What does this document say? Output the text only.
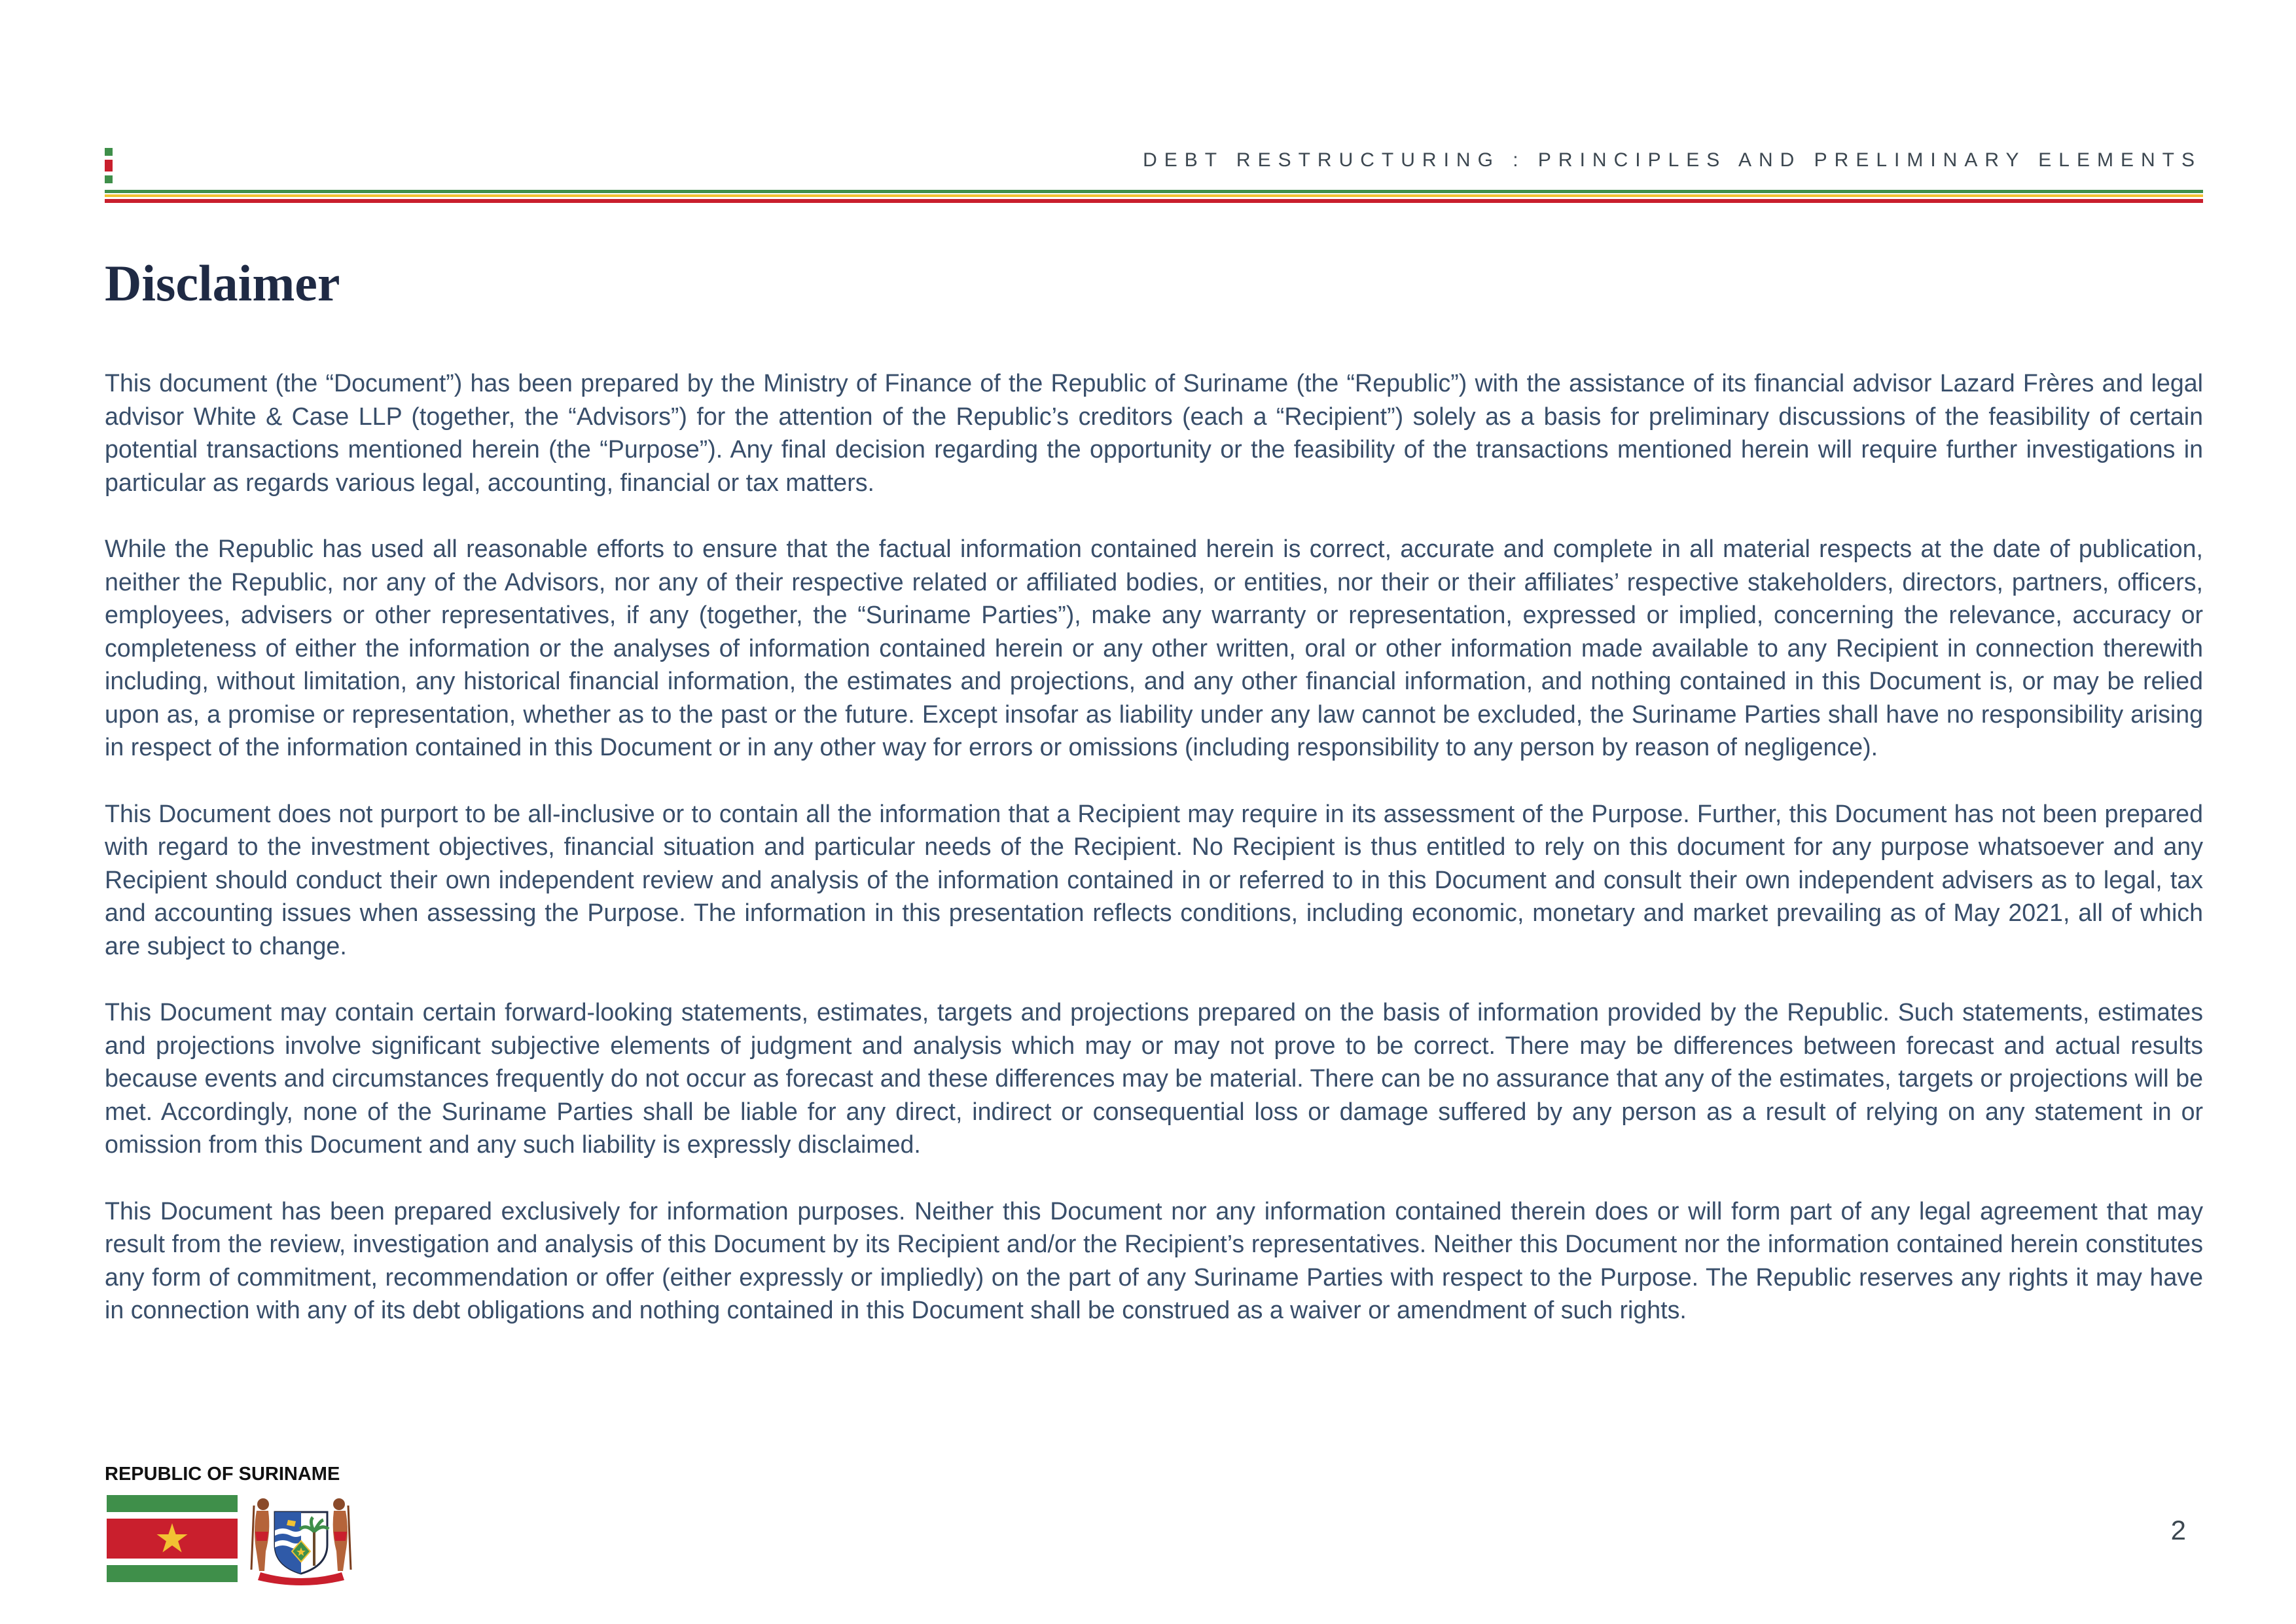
DEBT RESTRUCTURING : PRINCIPLES AND PRELIMINARY ELEMENTS
Disclaimer

This document (the “Document”) has been prepared by the Ministry of Finance of the Republic of Suriname (the “Republic”) with the assistance of its financial advisor Lazard Frères and legal advisor White & Case LLP (together, the “Advisors”) for the attention of the Republic’s creditors (each a “Recipient”) solely as a basis for preliminary discussions of the feasibility of certain potential transactions mentioned herein (the “Purpose”). Any final decision regarding the opportunity or the feasibility of the transactions mentioned herein will require further investigations in particular as regards various legal, accounting, financial or tax matters.

While the Republic has used all reasonable efforts to ensure that the factual information contained herein is correct, accurate and complete in all material respects at the date of publication, neither the Republic, nor any of the Advisors, nor any of their respective related or affiliated bodies, or entities, nor their or their affiliates’ respective stakeholders, directors, partners, officers, employees, advisers or other representatives, if any (together, the “Suriname Parties”), make any warranty or representation, expressed or implied, concerning the relevance, accuracy or completeness of either the information or the analyses of information contained herein or any other written, oral or other information made available to any Recipient in connection therewith including, without limitation, any historical financial information, the estimates and projections, and any other financial information, and nothing contained in this Document is, or may be relied upon as, a promise or representation, whether as to the past or the future. Except insofar as liability under any law cannot be excluded, the Suriname Parties shall have no responsibility arising in respect of the information contained in this Document or in any other way for errors or omissions (including responsibility to any person by reason of negligence).

This Document does not purport to be all-inclusive or to contain all the information that a Recipient may require in its assessment of the Purpose. Further, this Document has not been prepared with regard to the investment objectives, financial situation and particular needs of the Recipient. No Recipient is thus entitled to rely on this document for any purpose whatsoever and any Recipient should conduct their own independent review and analysis of the information contained in or referred to in this Document and consult their own independent advisers as to legal, tax and accounting issues when assessing the Purpose. The information in this presentation reflects conditions, including economic, monetary and market prevailing as of May 2021, all of which are subject to change.

This Document may contain certain forward-looking statements, estimates, targets and projections prepared on the basis of information provided by the Republic. Such statements, estimates and projections involve significant subjective elements of judgment and analysis which may or may not prove to be correct. There may be differences between forecast and actual results because events and circumstances frequently do not occur as forecast and these differences may be material. There can be no assurance that any of the estimates, targets or projections will be met. Accordingly, none of the Suriname Parties shall be liable for any direct, indirect or consequential loss or damage suffered by any person as a result of relying on any statement in or omission from this Document and any such liability is expressly disclaimed.

This Document has been prepared exclusively for information purposes. Neither this Document nor any information contained therein does or will form part of any legal agreement that may result from the review, investigation and analysis of this Document by its Recipient and/or the Recipient’s representatives. Neither this Document nor the information contained herein constitutes any form of commitment, recommendation or offer (either expressly or impliedly) on the part of any Suriname Parties with respect to the Purpose. The Republic reserves any rights it may have in connection with any of its debt obligations and nothing contained in this Document shall be construed as a waiver or amendment of such rights.

REPUBLIC OF SURINAME
2
